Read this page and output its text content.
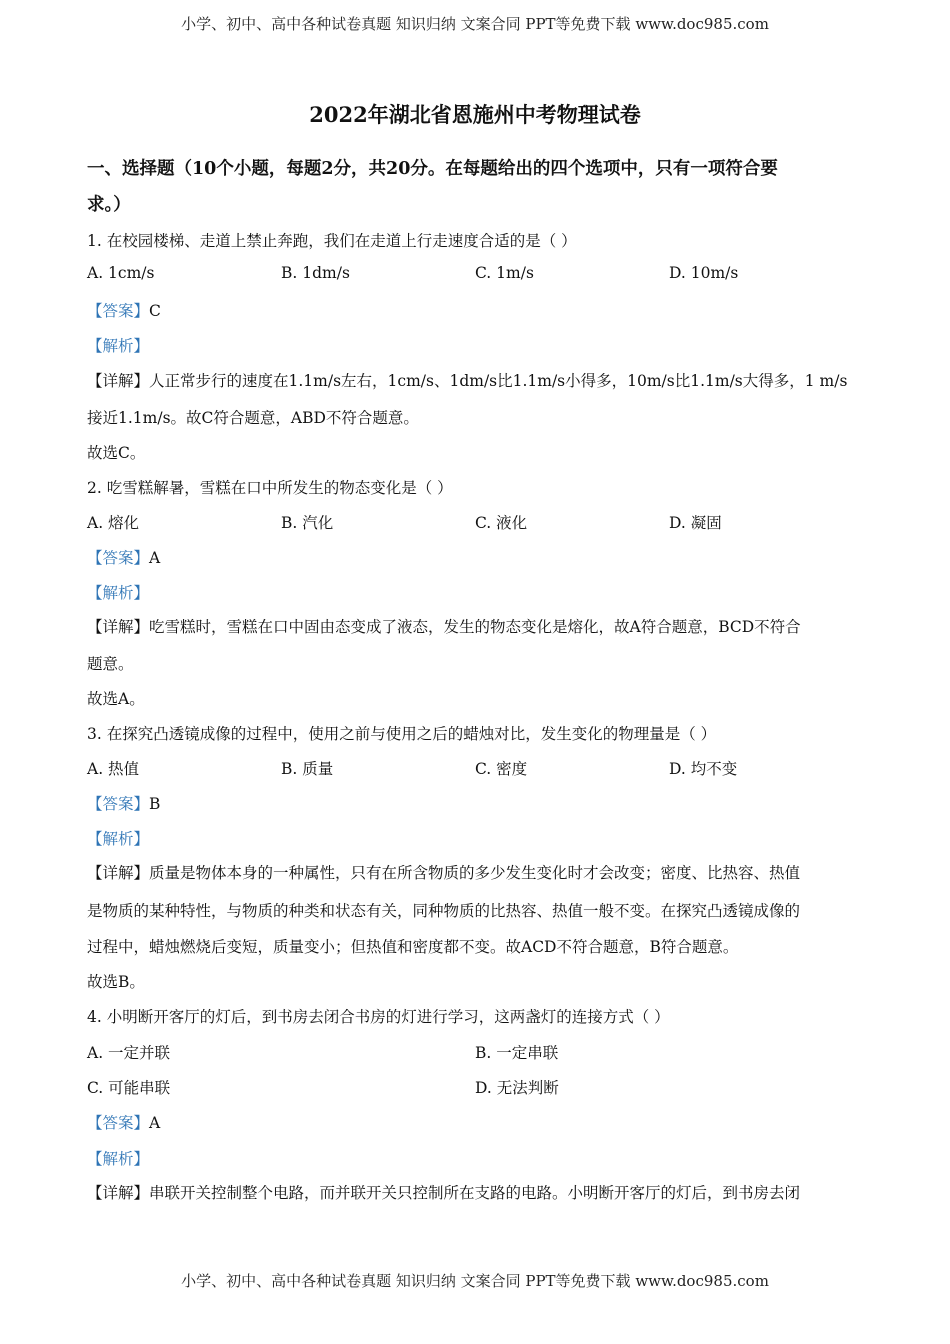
小学、初中、高中各种试卷真题 知识归纳 文案合同 PPT等免费下载 www.doc985.com
2022年湖北省恩施州中考物理试卷
一、选择题（10个小题，每题2分，共20分。在每题给出的四个选项中，只有一项符合要
求。）
1. 在校园楼梯、走道上禁止奔跑，我们在走道上行走速度合适的是（ ）
A. 1cm/s	B. 1dm/s	C. 1m/s	D. 10m/s
【答案】C
【解析】
【详解】人正常步行的速度在1.1m/s左右，1cm/s、1dm/s比1.1m/s小得多，10m/s比1.1m/s大得多，1 m/s
接近1.1m/s。故C符合题意，ABD不符合题意。
故选C。
2. 吃雪糕解暑，雪糕在口中所发生的物态变化是（ ）
A. 熔化	B. 汽化	C. 液化	D. 凝固
【答案】A
【解析】
【详解】吃雪糕时，雪糕在口中固由态变成了液态，发生的物态变化是熔化，故A符合题意，BCD不符合
题意。
故选A。
3. 在探究凸透镜成像的过程中，使用之前与使用之后的蜡烛对比，发生变化的物理量是（ ）
A. 热值	B. 质量	C. 密度	D. 均不变
【答案】B
【解析】
【详解】质量是物体本身的一种属性，只有在所含物质的多少发生变化时才会改变；密度、比热容、热值
是物质的某种特性，与物质的种类和状态有关，同种物质的比热容、热值一般不变。在探究凸透镜成像的
过程中，蜡烛燃烧后变短，质量变小；但热值和密度都不变。故ACD不符合题意，B符合题意。
故选B。
4. 小明断开客厅的灯后，到书房去闭合书房的灯进行学习，这两盏灯的连接方式（ ）
A. 一定并联	B. 一定串联
C. 可能串联	D. 无法判断
【答案】A
【解析】
【详解】串联开关控制整个电路，而并联开关只控制所在支路的电路。小明断开客厅的灯后，到书房去闭
小学、初中、高中各种试卷真题 知识归纳 文案合同 PPT等免费下载 www.doc985.com
